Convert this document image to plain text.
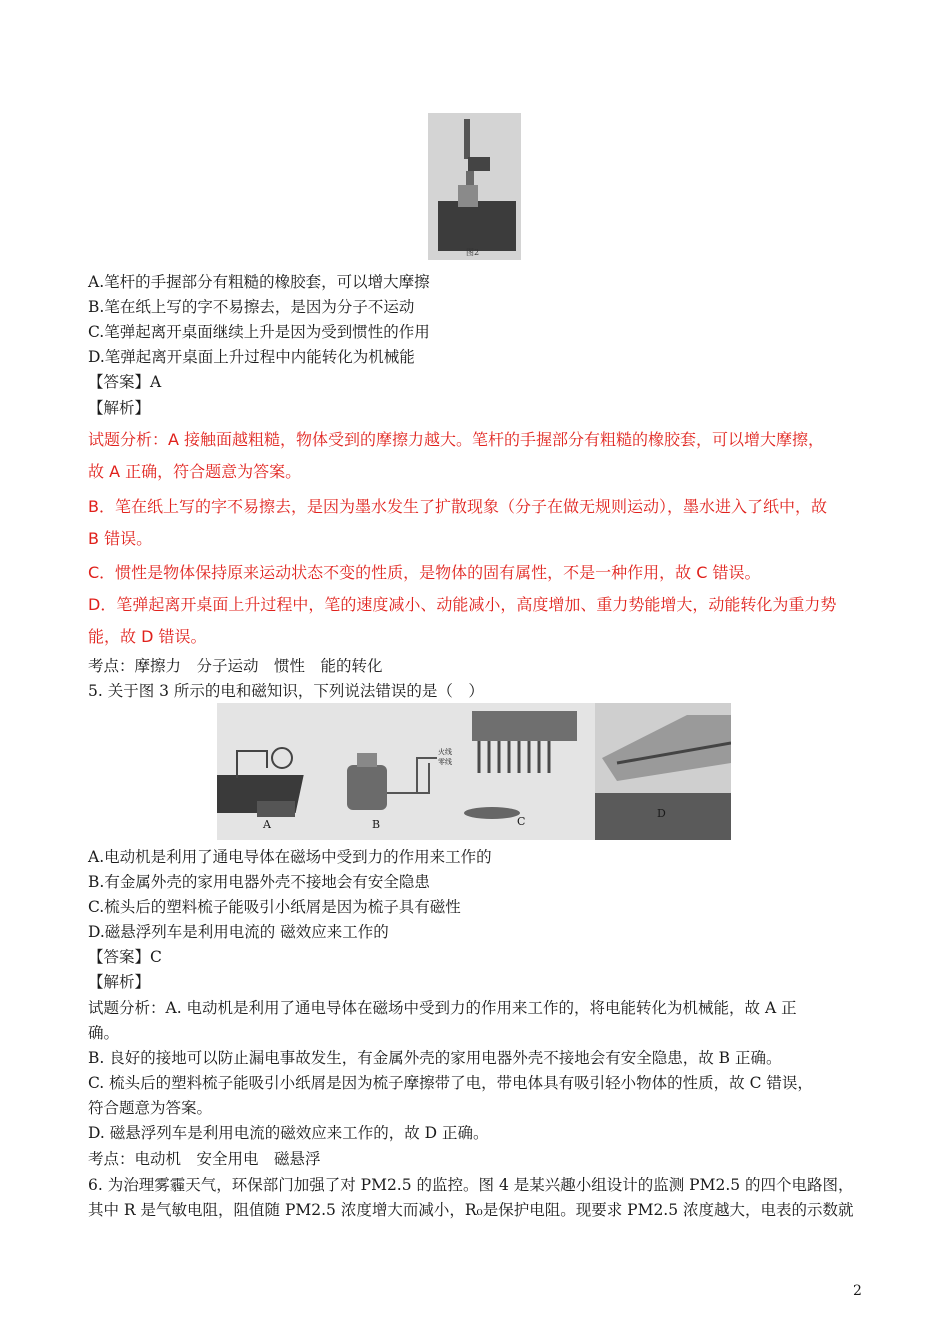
图2
A.笔杆的手握部分有粗糙的橡胶套，可以增大摩擦
B.笔在纸上写的字不易擦去，是因为分子不运动
C.笔弹起离开桌面继续上升是因为受到惯性的作用
D.笔弹起离开桌面上升过程中内能转化为机械能
【答案】A
【解析】
试题分析：A 接触面越粗糙，物体受到的摩擦力越大。笔杆的手握部分有粗糙的橡胶套，可以增大摩擦，
故 A 正确，符合题意为答案。
B．笔在纸上写的字不易擦去，是因为墨水发生了扩散现象（分子在做无规则运动），墨水进入了纸中，故
B 错误。
C．惯性是物体保持原来运动状态不变的性质，是物体的固有属性，不是一种作用，故 C 错误。
D．笔弹起离开桌面上升过程中，笔的速度减小、动能减小，高度增加、重力势能增大，动能转化为重力势
能，故 D 错误。
考点：摩擦力　分子运动　惯性　能的转化
5. 关于图 3 所示的电和磁知识，下列说法错误的是（　）
A	B	C
D
火线
零线
A.电动机是利用了通电导体在磁场中受到力的作用来工作的
B.有金属外壳的家用电器外壳不接地会有安全隐患
C.梳头后的塑料梳子能吸引小纸屑是因为梳子具有磁性
D.磁悬浮列车是利用电流的 磁效应来工作的
【答案】C
【解析】
试题分析：A. 电动机是利用了通电导体在磁场中受到力的作用来工作的，将电能转化为机械能，故 A 正
确。
B. 良好的接地可以防止漏电事故发生，有金属外壳的家用电器外壳不接地会有安全隐患，故 B 正确。
C. 梳头后的塑料梳子能吸引小纸屑是因为梳子摩擦带了电，带电体具有吸引轻小物体的性质，故 C 错误，
符合题意为答案。
D. 磁悬浮列车是利用电流的磁效应来工作的，故 D 正确。
考点：电动机　安全用电　磁悬浮
6. 为治理雾霾天气，环保部门加强了对 PM2.5 的监控。图 4 是某兴趣小组设计的监测 PM2.5 的四个电路图，
其中 R 是气敏电阻，阻值随 PM2.5 浓度增大而减小，R₀是保护电阻。现要求 PM2.5 浓度越大，电表的示数就
2
